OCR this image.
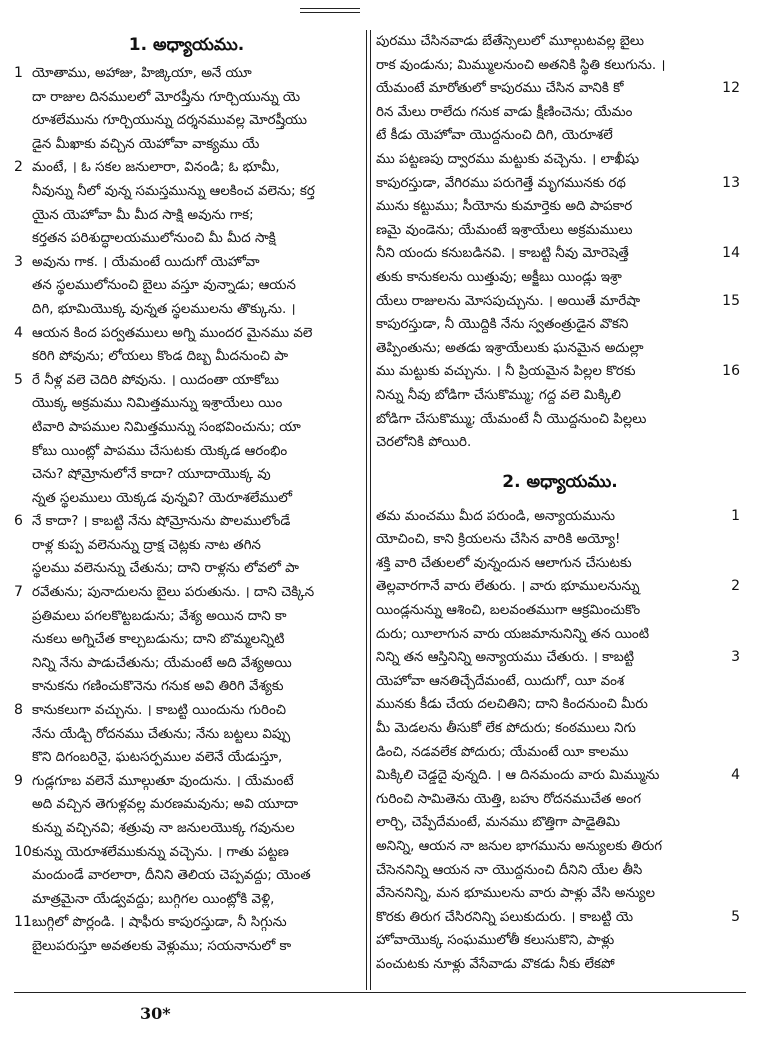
1. అధ్యాయము.
యోతాము, అహాజు, హిజ్కియా, అనే యూ
1
దా రాజుల దినములలో మోరష్తీను గూర్చియున్ను యె
రూశలేమును గూర్చియున్ను దర్శనమువల్ల మోరష్తీయు
డైన మీఖాకు వచ్చిన యెహోవా వాక్యము యే
మంటే, । ఓ సకల జనులారా, వినండి; ఓ భూమీ,
2
నీవున్ను నీలో వున్న సమస్తమున్ను ఆలకించ వలెను; కర్త
యైన యెహోవా మీ మీద సాక్షి అవును గాక;
కర్తతన పరిశుద్ధాలయములోనుంచి మీ మీద సాక్షి
అవును గాక. । యేమంటే యిదుగో యెహోవా
3
తన స్థలములోనుంచి బైలు వస్తూ వున్నాడు; ఆయన
దిగి, భూమియొక్క వున్నత స్థలములను తొక్కును. ।
ఆయన కింద పర్వతములు అగ్ని ముందర మైనము వలె
4
కరిగి పోవును; లోయలు కొండ దిబ్బ మీదనుంచి పా
రే నీళ్ల వలె చెదిరి పోవును. । యిదంతా యాకోబు
5
యొక్క అక్రమము నిమిత్తమున్ను ఇశ్రాయేలు యిం
టివారి పాపముల నిమిత్తమున్ను సంభవించును; యా
కోబు యింట్లో పాపము చేసుటకు యెక్కడ ఆరంభిం
చెను? షోమ్రోనులోనే కాదా? యూదాయొక్క వు
న్నత స్థలములు యెక్కడ వున్నవి? యెరూశలేములో
నే కాదా? । కాబట్టి నేను షోమ్రోనును పొలములోండే
6
రాళ్ల కుప్ప వలెనున్ను ద్రాక్ష చెట్లకు నాట తగిన
స్థలము వలెనున్ను చేతును; దాని రాళ్లను లోవలో పా
రవేతును; పునాదులను బైలు పరుతును. । దాని చెక్కిన
7
ప్రతిమలు పగలకొట్టబడును; వేశ్య అయిన దాని కా
నుకలు అగ్నిచేత కాల్చబడును; దాని బొమ్మలన్నిటి
నిన్ని నేను పాడుచేతును; యేమంటే అది వేశ్యఅయి
కానుకను గణించుకొనెను గనుక అవి తిరిగి వేశ్యకు
కానుకలుగా వచ్చును. । కాబట్టి యిందును గురించి
8
నేను యేడ్చి రోదనము చేతును; నేను బట్టలు విప్పు
కొని దిగంబరినై, ఘటసర్పముల వలెనే యేడుస్తూ,
గుడ్లగూబ వలెనే మూల్గుతూ వుందును. । యేమంటే
9
అది వచ్చిన తెగుళ్లవల్ల మరణమవును; అవి యూదా
కున్ను వచ్చినవి; శత్రువు నా జనులయొక్క గవునుల
కున్ను యెరూశలేముకున్ను వచ్చెను. । గాతు పట్టణ
10
మందుండే వారలారా, దీనిని తెలియ చెప్పవద్దు; యెంత
మాత్రమైనా యేడ్వవద్దు; బుగ్గిగల యింట్లోకి వెళ్లి,
బుగ్గిలో పొర్లండి. । షాఫీరు కాపురస్తుడా, నీ సిగ్గును
11
బైలుపరుస్తూ అవతలకు వెళ్లుము; సయనానులో కా
పురము చేసినవాడు బేతేస్సెలులో మూల్గుటవల్ల బైలు
రాక వుండును; మిమ్ములనుంచి అతనికి స్థితి కలుగును. ।
యేమంటే మారోతులో కాపురము చేసిన వానికి కో	12
రిన మేలు రాలేదు గనుక వాడు క్షీణించెను; యేమం
టే కీడు యెహోవా యొద్దనుంచి దిగి, యెరూశలే
ము పట్టణపు ద్వారము మట్టుకు వచ్చెను. । లాఖీషు
కాపురస్తుడా, వేగిరము పరుగెత్తే మృగమునకు రథ	13
మును కట్టుము; సీయోను కుమార్తెకు అది పాపకార
ణమై వుండెను; యేమంటే ఇశ్రాయేలు అక్రమములు
నీని యందు కనుబడినవి. । కాబట్టి నీవు మోరెషెత్తే	14
తుకు కానుకలను యిత్తువు; అక్జీబు యిండ్లు ఇశ్రా
యేలు రాజులను మోసపుచ్చును. । అయితే మారేషా	15
కాపురస్తుడా, నీ యొద్దికి నేను స్వతంత్రుడైన వొకని
తెప్పింతును; అతడు ఇశ్రాయేలుకు ఘనమైన అదుల్లా
ము మట్టుకు వచ్చును. । నీ ప్రియమైన పిల్లల కొరకు	16
నిన్ను నీవు బోడిగా చేసుకొమ్ము; గద్ద వలె మిక్కిలి
బోడిగా చేసుకొమ్ము; యేమంటే నీ యొద్దనుంచి పిల్లలు
చెరలోనికి పోయిరి.
2. అధ్యాయము.
తమ మంచము మీద పరుండి, అన్యాయమును	1
యోచించి, కాని క్రియలను చేసిన వారికి అయ్యో!
శక్తి వారి చేతులలో వున్నందున ఆలాగున చేసుటకు
తెల్లవారగానే వారు లేతురు. । వారు భూములనున్ను	2
యిండ్లనున్ను ఆశించి, బలవంతముగా ఆక్రమించుకొం
దురు; యీలాగున వారు యజమానునిన్ని తన యింటి
నిన్ని తన ఆస్తినిన్ని అన్యాయము చేతురు. । కాబట్టి	3
యెహోవా ఆనతిచ్చేదేమంటే, యిదుగో, యీ వంశ
మునకు కీడు చేయ దలచితిని; దాని కిందనుంచి మీరు
మీ మెడలను తీసుకో లేక పోదురు; కంఠములు నిగు
డించి, నడవలేక పోదురు; యేమంటే యీ కాలము
మిక్కిలి చెడ్డదై వున్నది. । ఆ దినమందు వారు మిమ్మును	4
గురించి సామితెను యెత్తి, బహు రోదనముచేత అంగ
లార్చి, చెప్పేదేమంటే, మనము బొత్తిగా పాడైతిమి
అనిన్ని, ఆయన నా జనుల భాగమును అన్యులకు తిరుగ
చేసెననిన్ని ఆయన నా యొద్దనుంచి దీనిని యేల తీసి
వేసెననిన్ని, మన భూములను వారు పాళ్లు వేసి అన్యుల
కొరకు తిరుగ చేసిరనిన్ని పలుకుదురు. । కాబట్టి యె	5
హోవాయొక్క సంఘములోతీ కలుసుకొని, పాళ్లు
పంచుటకు నూళ్లు వేసేవాడు వొకడు నీకు లేకపో
30*
